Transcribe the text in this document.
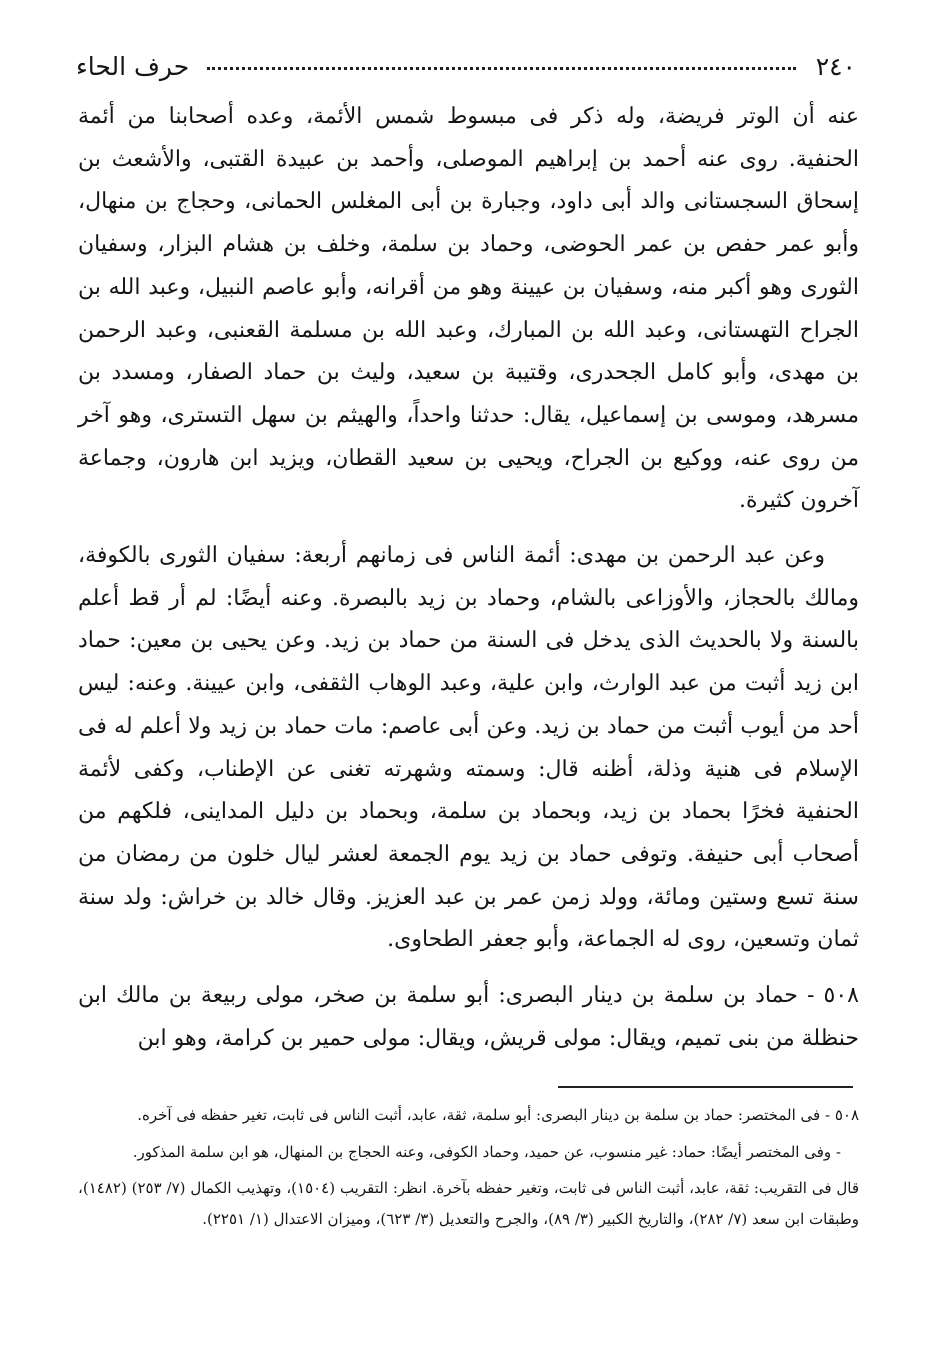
٢٤٠
حرف الحاء

عنه أن الوتر فريضة، وله ذكر فى مبسوط شمس الأئمة، وعده أصحابنا من أئمة الحنفية. روى عنه أحمد بن إبراهيم الموصلى، وأحمد بن عبيدة القتبى، والأشعث بن إسحاق السجستانى والد أبى داود، وجبارة بن أبى المغلس الحمانى، وحجاج بن منهال، وأبو عمر حفص بن عمر الحوضى، وحماد بن سلمة، وخلف بن هشام البزار، وسفيان الثورى وهو أكبر منه، وسفيان بن عيينة وهو من أقرانه، وأبو عاصم النبيل، وعبد الله بن الجراح التهستانى، وعبد الله بن المبارك، وعبد الله بن مسلمة القعنبى، وعبد الرحمن بن مهدى، وأبو كامل الجحدرى، وقتيبة بن سعيد، وليث بن حماد الصفار، ومسدد بن مسرهد، وموسى بن إسماعيل، يقال: حدثنا واحداً، والهيثم بن سهل التسترى، وهو آخر من روى عنه، ووكيع بن الجراح، ويحيى بن سعيد القطان، ويزيد ابن هارون، وجماعة آخرون كثيرة.

وعن عبد الرحمن بن مهدى: أئمة الناس فى زمانهم أربعة: سفيان الثورى بالكوفة، ومالك بالحجاز، والأوزاعى بالشام، وحماد بن زيد بالبصرة. وعنه أيضًا: لم أر قط أعلم بالسنة ولا بالحديث الذى يدخل فى السنة من حماد بن زيد. وعن يحيى بن معين: حماد ابن زيد أثبت من عبد الوارث، وابن علية، وعبد الوهاب الثقفى، وابن عيينة. وعنه: ليس أحد من أيوب أثبت من حماد بن زيد. وعن أبى عاصم: مات حماد بن زيد ولا أعلم له فى الإسلام فى هنية وذلة، أظنه قال: وسمته وشهرته تغنى عن الإطناب، وكفى لأئمة الحنفية فخرًا بحماد بن زيد، وبحماد بن سلمة، وبحماد بن دليل المداينى، فلكهم من أصحاب أبى حنيفة. وتوفى حماد بن زيد يوم الجمعة لعشر ليال خلون من رمضان من سنة تسع وستين ومائة، وولد زمن عمر بن عبد العزيز. وقال خالد بن خراش: ولد سنة ثمان وتسعين، روى له الجماعة، وأبو جعفر الطحاوى.

٥٠٨ - حماد بن سلمة بن دينار البصرى: أبو سلمة بن صخر، مولى ربيعة بن مالك ابن حنظلة من بنى تميم، ويقال: مولى قريش، ويقال: مولى حمير بن كرامة، وهو ابن

٥٠٨ - فى المختصر: حماد بن سلمة بن دينار البصرى: أبو سلمة، ثقة، عابد، أثبت الناس فى ثابت، تغير حفظه فى آخره.

- وفى المختصر أيضًا: حماد: غير منسوب، عن حميد، وحماد الكوفى، وعنه الحجاج بن المنهال، هو ابن سلمة المذكور.

قال فى التقريب: ثقة، عابد، أثبت الناس فى ثابت، وتغير حفظه بآخرة. انظر: التقريب (١٥٠٤)، وتهذيب الكمال (٧/ ٢٥٣) (١٤٨٢)، وطبقات ابن سعد (٧/ ٢٨٢)، والتاريخ الكبير (٣/ ٨٩)، والجرح والتعديل (٣/ ٦٢٣)، وميزان الاعتدال (١/ ٢٢٥١).
